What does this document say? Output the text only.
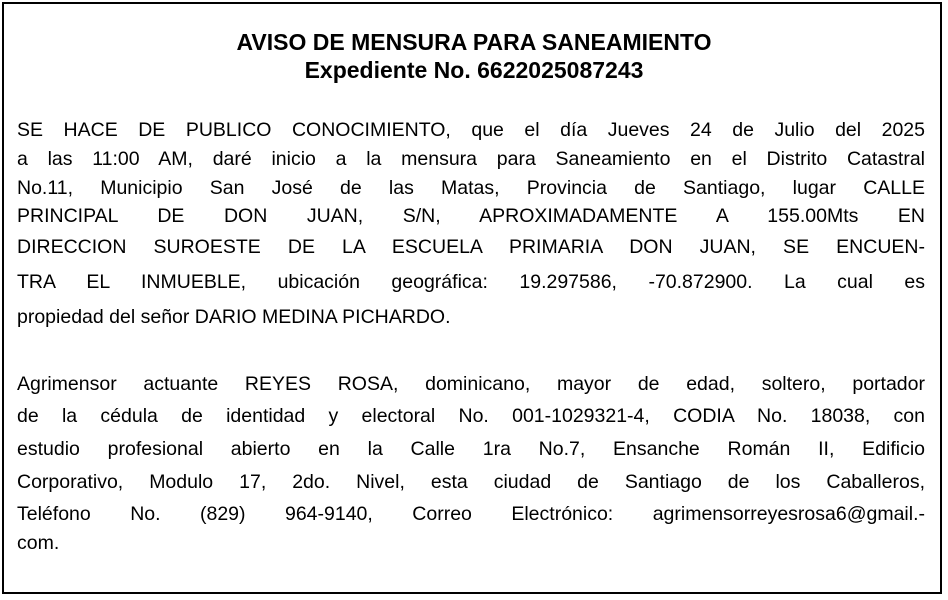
AVISO DE MENSURA PARA SANEAMIENTO
Expediente No. 6622025087243
SE HACE DE PUBLICO CONOCIMIENTO, que el día Jueves 24 de Julio del 2025
a las 11:00 AM, daré inicio a la mensura para Saneamiento en el Distrito Catastral
No.11, Municipio San José de las Matas, Provincia de Santiago, lugar CALLE
PRINCIPAL DE DON JUAN, S/N, APROXIMADAMENTE A 155.00Mts EN
DIRECCION SUROESTE DE LA ESCUELA PRIMARIA DON JUAN, SE ENCUEN-
TRA EL INMUEBLE, ubicación geográfica: 19.297586, -70.872900. La cual es
propiedad del señor DARIO MEDINA PICHARDO.
Agrimensor actuante REYES ROSA, dominicano, mayor de edad, soltero, portador
de la cédula de identidad y electoral No. 001-1029321-4, CODIA No. 18038, con
estudio profesional abierto en la Calle 1ra No.7, Ensanche Román II, Edificio
Corporativo, Modulo 17, 2do. Nivel, esta ciudad de Santiago de los Caballeros,
Teléfono No. (829) 964-9140, Correo Electrónico: agrimensorreyesrosa6@gmail.-
com.
